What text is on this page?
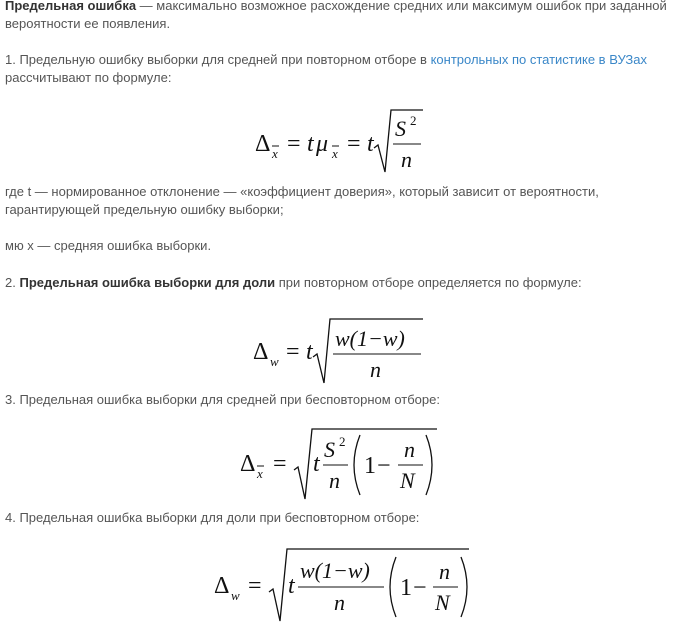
Предельная ошибка — максимально возможное расхождение средних или максимум ошибок при заданной вероятности ее появления.

1. Предельную ошибку выборки для средней при повторном отборе в контрольных по статистике в ВУЗах рассчитывают по формуле:

Δ x = t μ x = t
S 2
n

где t — нормированное отклонение — «коэффициент доверия», который зависит от вероятности, гарантирующей предельную ошибку выборки;

мю x — средняя ошибка выборки.

2. Предельная ошибка выборки для доли при повторном отборе определяется по формуле:

Δ w = t
w(1−w)
n

3. Предельная ошибка выборки для средней при бесповторном отборе:

Δ x = t
S 2
n
1 −
n
N

4. Предельная ошибка выборки для доли при бесповторном отборе:

Δ w = t
w(1−w)
n
1 −
n
N
